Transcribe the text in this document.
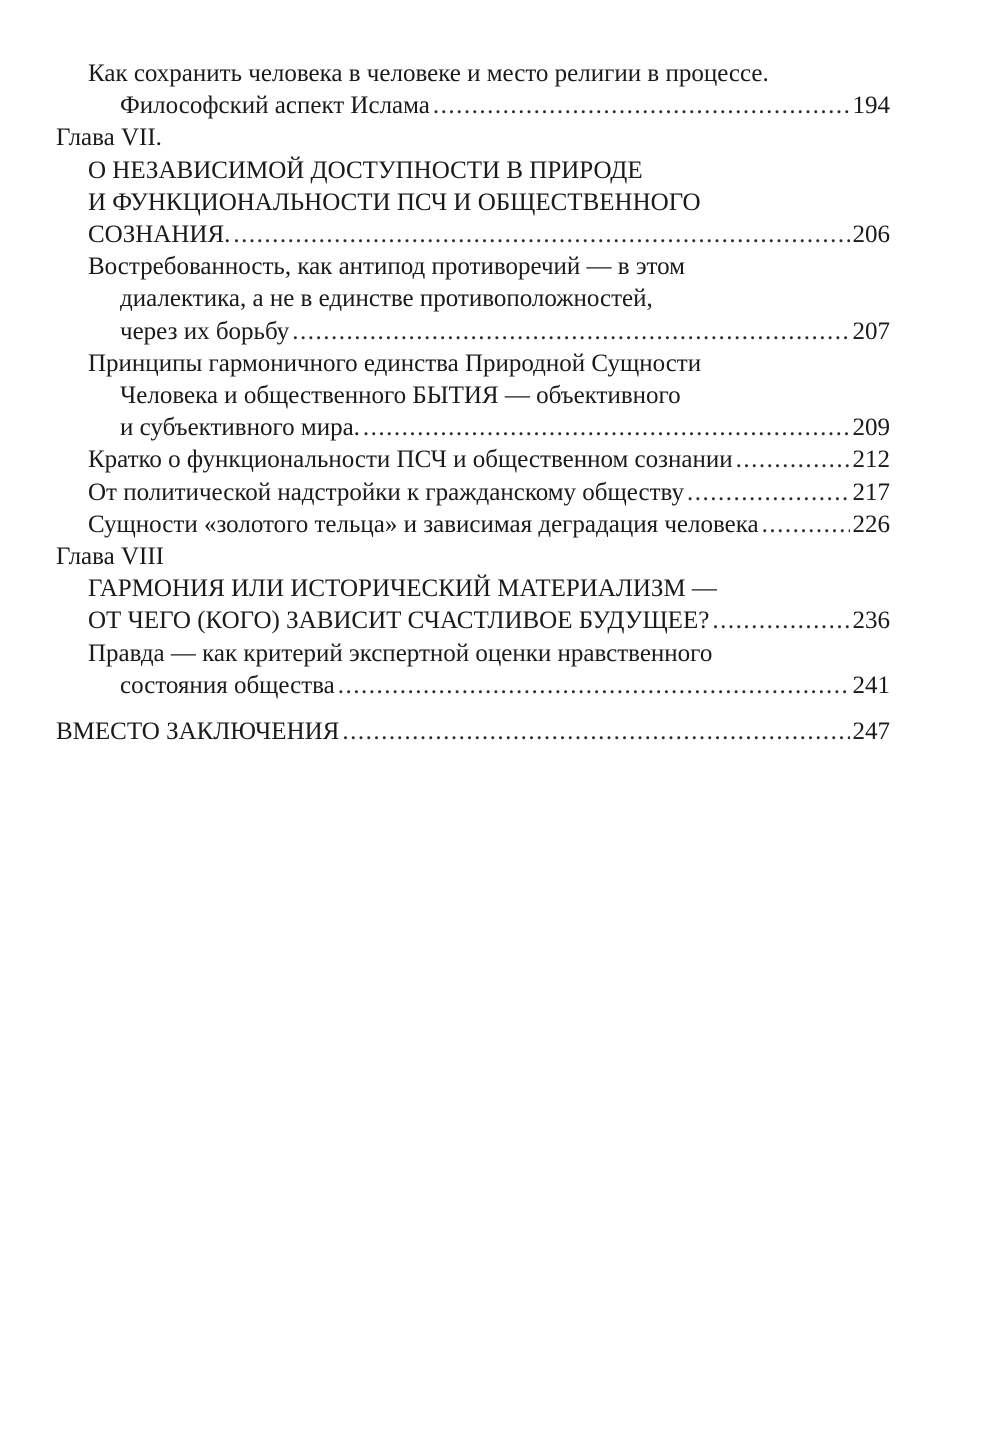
Как сохранить человека в человеке и место религии в процессе.
Философский аспект Ислама .....	194
Глава VII.
О НЕЗАВИСИМОЙ ДОСТУПНОСТИ В ПРИРОДЕ
И ФУНКЦИОНАЛЬНОСТИ ПСЧ И ОБЩЕСТВЕННОГО
СОЗНАНИЯ. .....	206
Востребованность, как антипод противоречий — в этом
диалектика, а не в единстве противоположностей,
через их борьбу .....	207
Принципы гармоничного единства Природной Сущности
Человека и общественного БЫТИЯ — объективного
и субъективного мира. .....	209
Кратко о функциональности ПСЧ и общественном сознании .....	212
От политической надстройки к гражданскому обществу .....	217
Сущности «золотого тельца» и зависимая деградация человека .....	226
Глава VIII
ГАРМОНИЯ ИЛИ ИСТОРИЧЕСКИЙ МАТЕРИАЛИЗМ —
ОТ ЧЕГО (КОГО) ЗАВИСИТ СЧАСТЛИВОЕ БУДУЩЕЕ? .....	236
Правда — как критерий экспертной оценки нравственного
состояния общества .....	241
ВМЕСТО ЗАКЛЮЧЕНИЯ .....	247
